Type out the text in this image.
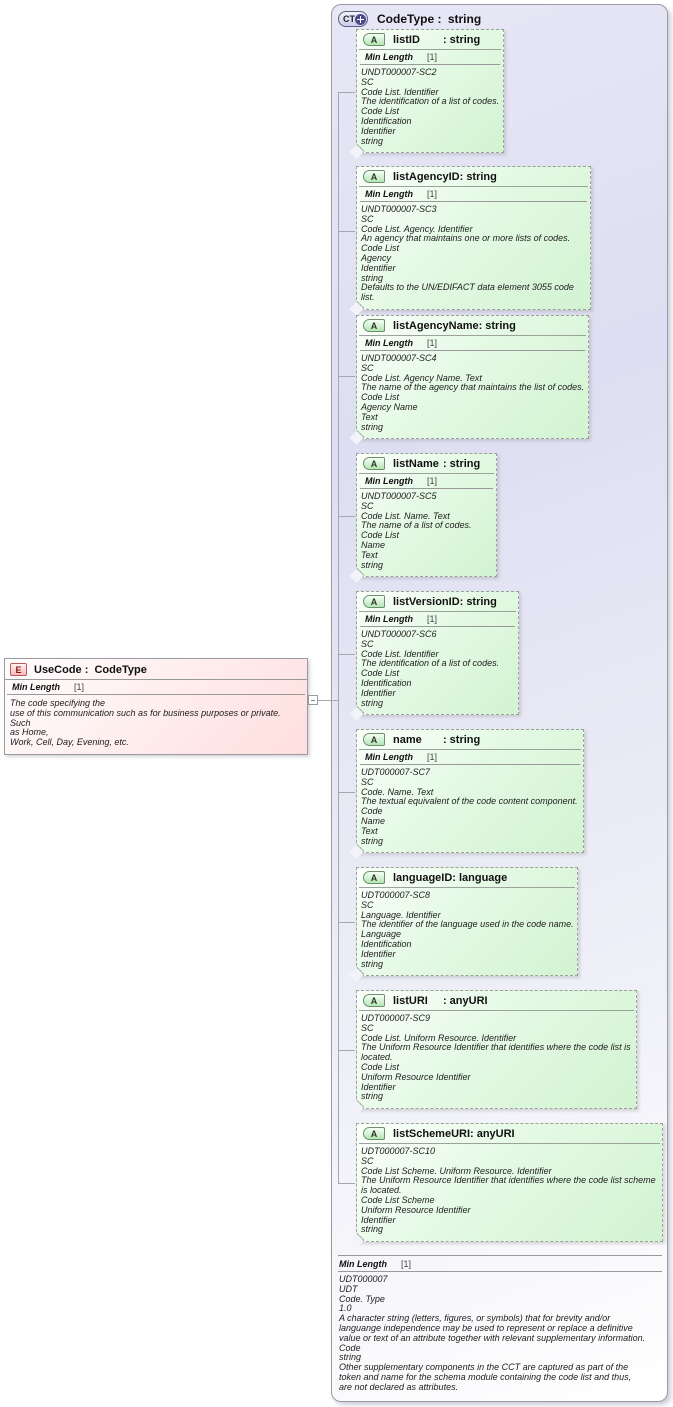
E	UseCode : CodeType
Min Length [1]
The code specifying the
use of this communication such as for business purposes or private. Such
as Home,
Work, Cell, Day, Evening, etc.
CT CodeType : string
A	listID : string
Min Length [1]
UNDT000007-SC2
SC
Code List. Identifier
The identification of a list of codes.
Code List
Identification
Identifier
string
A	listAgencyID: string
Min Length [1]
UNDT000007-SC3
SC
Code List. Agency. Identifier
An agency that maintains one or more lists of codes.
Code List
Agency
Identifier
string
Defaults to the UN/EDIFACT data element 3055 code list.
A	listAgencyName: string
Min Length [1]
UNDT000007-SC4
SC
Code List. Agency Name. Text
The name of the agency that maintains the list of codes.
Code List
Agency Name
Text
string
A	listName : string
Min Length [1]
UNDT000007-SC5
SC
Code List. Name. Text
The name of a list of codes.
Code List
Name
Text
string
A	listVersionID: string
Min Length [1]
UNDT000007-SC6
SC
Code List. Identifier
The identification of a list of codes.
Code List
Identification
Identifier
string
A	name : string
Min Length [1]
UDT000007-SC7
SC
Code. Name. Text
The textual equivalent of the code content component.
Code
Name
Text
string
A	languageID: language
UDT000007-SC8
SC
Language. Identifier
The identifier of the language used in the code name.
Language
Identification
Identifier
string
A	listURI : anyURI
UDT000007-SC9
SC
Code List. Uniform Resource. Identifier
The Uniform Resource Identifier that identifies where the code list is
located.
Code List
Uniform Resource Identifier
Identifier
string
A	listSchemeURI: anyURI
UDT000007-SC10
SC
Code List Scheme. Uniform Resource. Identifier
The Uniform Resource Identifier that identifies where the code list scheme
is located.
Code List Scheme
Uniform Resource Identifier
Identifier
string
Min Length [1]
UDT000007
UDT
Code. Type
1.0
A character string (letters, figures, or symbols) that for brevity and/or
languange independence may be used to represent or replace a definitive
value or text of an attribute together with relevant supplementary information.
Code
string
Other supplementary components in the CCT are captured as part of the
token and name for the schema module containing the code list and thus,
are not declared as attributes.
